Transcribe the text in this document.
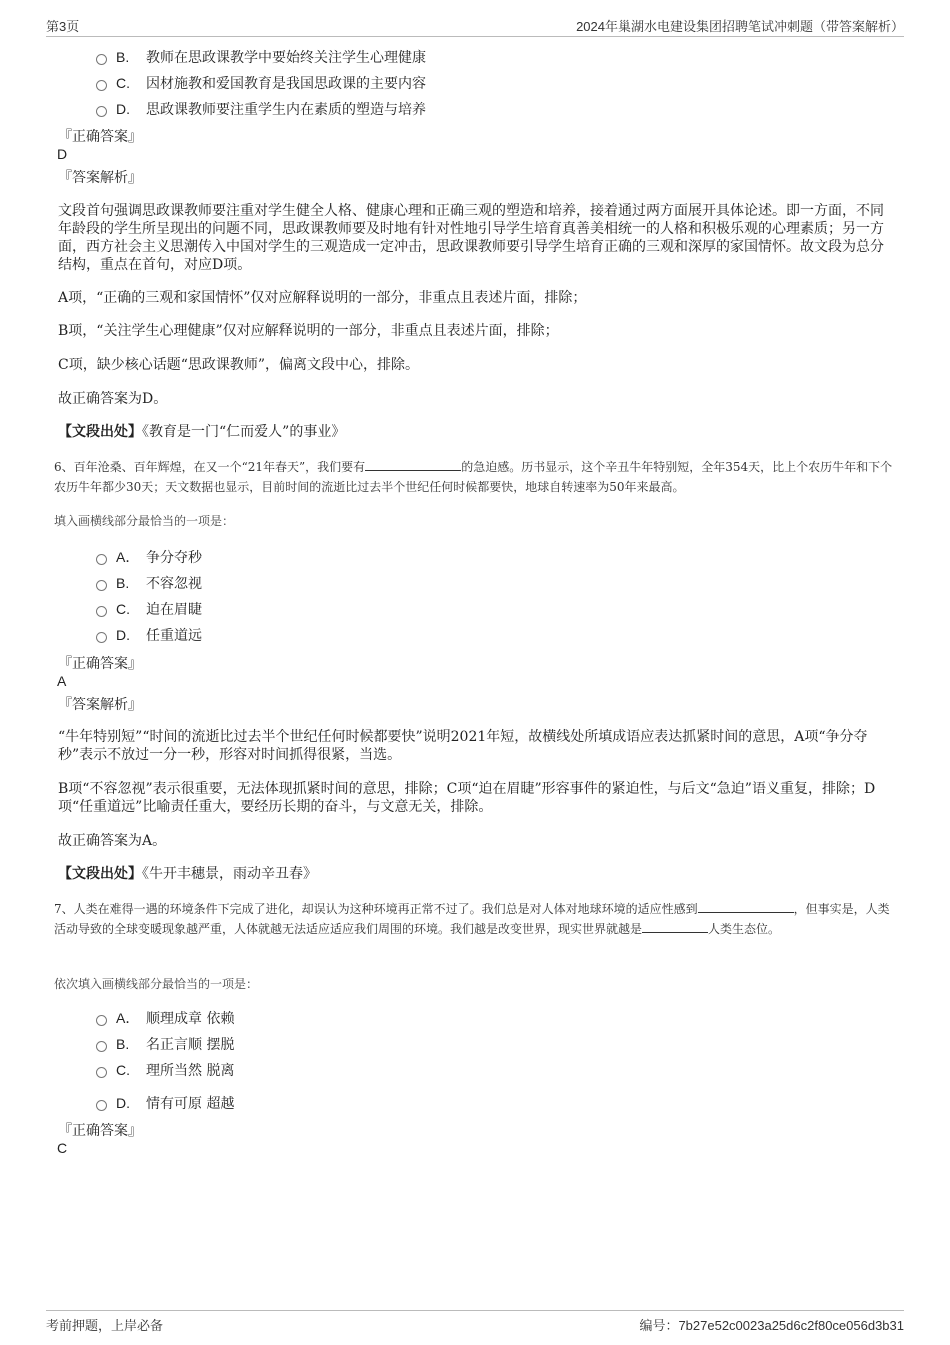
第3页	2024年巢湖水电建设集团招聘笔试冲刺题（带答案解析）
B.	教师在思政课教学中要始终关注学生心理健康
C.	因材施教和爱国教育是我国思政课的主要内容
D.	思政课教师要注重学生内在素质的塑造与培养
『正确答案』
D
『答案解析』
文段首句强调思政课教师要注重对学生健全人格、健康心理和正确三观的塑造和培养，接着通过两方面展开具体论述。即一方面，不同年龄段的学生所呈现出的问题不同，思政课教师要及时地有针对性地引导学生培育真善美相统一的人格和积极乐观的心理素质；另一方面，西方社会主义思潮传入中国对学生的三观造成一定冲击，思政课教师要引导学生培育正确的三观和深厚的家国情怀。故文段为总分结构，重点在首句，对应D项。
A项，“正确的三观和家国情怀”仅对应解释说明的一部分，非重点且表述片面，排除；
B项，“关注学生心理健康”仅对应解释说明的一部分，非重点且表述片面，排除；
C项，缺少核心话题“思政课教师”，偏离文段中心，排除。
故正确答案为D。
【文段出处】《教育是一门“仁而爱人”的事业》
6、百年沧桑、百年辉煌，在又一个“21年春天”，我们要有	的急迫感。历书显示，这个辛丑牛年特别短，全年354天，比上个农历牛年和下个农历牛年都少30天；天文数据也显示，目前时间的流逝比过去半个世纪任何时候都要快，地球自转速率为50年来最高。
填入画横线部分最恰当的一项是：
A． 争分夺秒
B.	不容忽视
C.	迫在眉睫
D.	任重道远
『正确答案』
A
『答案解析』
“牛年特别短”“时间的流逝比过去半个世纪任何时候都要快”说明2021年短，故横线处所填成语应表达抓紧时间的意思，A项“争分夺秒”表示不放过一分一秒，形容对时间抓得很紧，当选。
B项“不容忽视”表示很重要，无法体现抓紧时间的意思，排除；C项“迫在眉睫”形容事件的紧迫性，与后文“急迫”语义重复，排除；D项“任重道远”比喻责任重大，要经历长期的奋斗，与文意无关，排除。
故正确答案为A。
【文段出处】《牛开丰穗景，雨动辛丑春》
7、人类在难得一遇的环境条件下完成了进化，却误认为这种环境再正常不过了。我们总是对人体对地球环境的适应性感到	，但事实是，人类活动导致的全球变暖现象越严重，人体就越无法适应适应我们周围的环境。我们越是改变世界，现实世界就越是	人类生态位。
依次填入画横线部分最恰当的一项是：
A． 顺理成章 依赖
B.	名正言顺 摆脱
C.	理所当然 脱离
D.	情有可原 超越
『正确答案』
C
考前押题，上岸必备	编号：7b27e52c0023a25d6c2f80ce056d3b31
